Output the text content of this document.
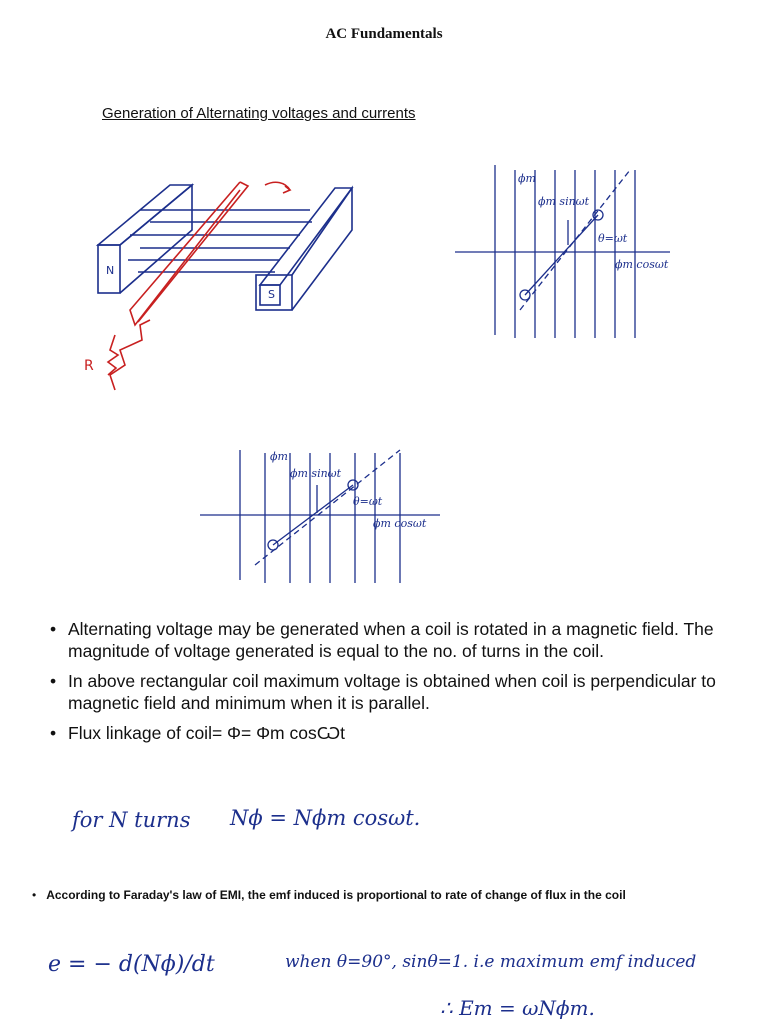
AC Fundamentals
Generation of Alternating voltages and currents
N
S
R
ϕm
ϕm sinωt
θ=ωt
ϕm cosωt
ϕm
ϕm sinωt
θ=ωt
ϕm cosωt
• Alternating voltage may be generated when a coil is rotated in a magnetic field. The magnitude of voltage generated is equal to the no. of turns in the coil.
• In above rectangular coil maximum voltage is obtained when coil is perpendicular to magnetic field and minimum when it is parallel.
• Flux linkage of coil= Φ= Φm cosѠt
for N turns Nϕ = Nϕm cosωt.
• According to Faraday's law of EMI, the emf induced is proportional to rate of change of flux in the coil
e = − d(Nϕ)/dt	when θ=90°, sinθ=1. i.e maximum emf induced
∴ Em = ωNϕm.
